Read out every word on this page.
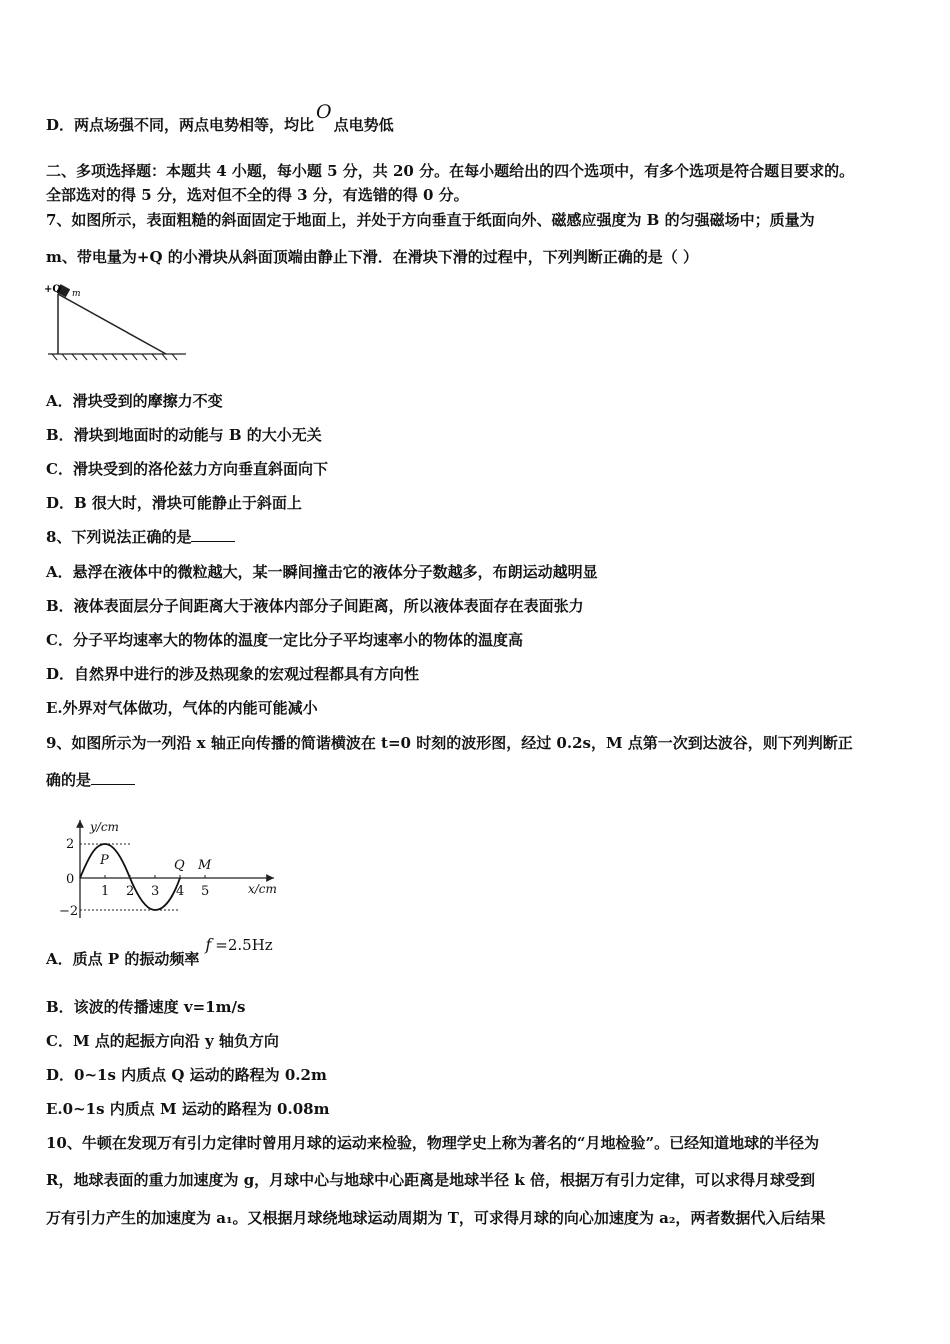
D．两点场强不同，两点电势相等，均比O点电势低
二、多项选择题：本题共 4 小题，每小题 5 分，共 20 分。在每小题给出的四个选项中，有多个选项是符合题目要求的。
全部选对的得 5 分，选对但不全的得 3 分，有选错的得 0 分。
7、如图所示，表面粗糙的斜面固定于地面上，并处于方向垂直于纸面向外、磁感应强度为 B 的匀强磁场中；质量为
m、带电量为+Q 的小滑块从斜面顶端由静止下滑．在滑块下滑的过程中，下列判断正确的是（ ）
+Q m
A．滑块受到的摩擦力不变
B．滑块到地面时的动能与 B 的大小无关
C．滑块受到的洛伦兹力方向垂直斜面向下
D．B 很大时，滑块可能静止于斜面上
8、下列说法正确的是
A．悬浮在液体中的微粒越大，某一瞬间撞击它的液体分子数越多，布朗运动越明显
B．液体表面层分子间距离大于液体内部分子间距离，所以液体表面存在表面张力
C．分子平均速率大的物体的温度一定比分子平均速率小的物体的温度高
D．自然界中进行的涉及热现象的宏观过程都具有方向性
E.外界对气体做功，气体的内能可能减小
9、如图所示为一列沿 x 轴正向传播的简谐横波在 t=0 时刻的波形图，经过 0.2s，M 点第一次到达波谷，则下列判断正
确的是
y/cm
x/cm
2
0
−2
1 2 3 4 5
P	Q M
A．质点 P 的振动频率f =2.5Hz
B．该波的传播速度 v=1m/s
C．M 点的起振方向沿 y 轴负方向
D．0~1s 内质点 Q 运动的路程为 0.2m
E.0~1s 内质点 M 运动的路程为 0.08m
10、牛顿在发现万有引力定律时曾用月球的运动来检验，物理学史上称为著名的“月地检验”。已经知道地球的半径为
R，地球表面的重力加速度为 g，月球中心与地球中心距离是地球半径 k 倍，根据万有引力定律，可以求得月球受到
万有引力产生的加速度为 a₁。又根据月球绕地球运动周期为 T，可求得月球的向心加速度为 a₂，两者数据代入后结果
